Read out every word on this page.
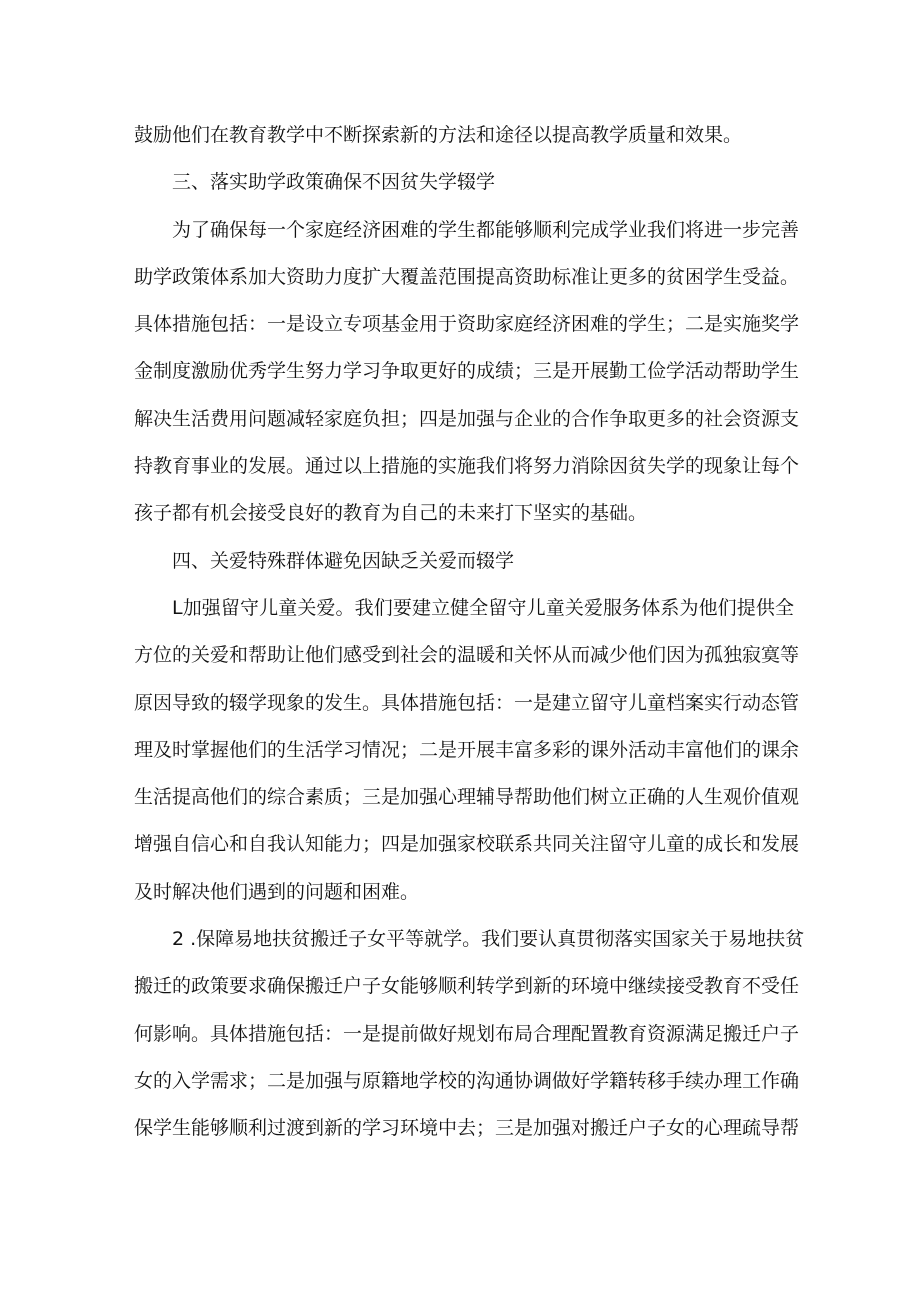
鼓励他们在教育教学中不断探索新的方法和途径以提高教学质量和效果。
三、落实助学政策确保不因贫失学辍学
为了确保每一个家庭经济困难的学生都能够顺利完成学业我们将进一步完善
助学政策体系加大资助力度扩大覆盖范围提高资助标准让更多的贫困学生受益。
具体措施包括：一是设立专项基金用于资助家庭经济困难的学生；二是实施奖学
金制度激励优秀学生努力学习争取更好的成绩；三是开展勤工俭学活动帮助学生
解决生活费用问题减轻家庭负担；四是加强与企业的合作争取更多的社会资源支
持教育事业的发展。通过以上措施的实施我们将努力消除因贫失学的现象让每个
孩子都有机会接受良好的教育为自己的未来打下坚实的基础。
四、关爱特殊群体避免因缺乏关爱而辍学
L加强留守儿童关爱。我们要建立健全留守儿童关爱服务体系为他们提供全
方位的关爱和帮助让他们感受到社会的温暖和关怀从而减少他们因为孤独寂寞等
原因导致的辍学现象的发生。具体措施包括：一是建立留守儿童档案实行动态管
理及时掌握他们的生活学习情况；二是开展丰富多彩的课外活动丰富他们的课余
生活提高他们的综合素质；三是加强心理辅导帮助他们树立正确的人生观价值观
增强自信心和自我认知能力；四是加强家校联系共同关注留守儿童的成长和发展
及时解决他们遇到的问题和困难。
2 .保障易地扶贫搬迁子女平等就学。我们要认真贯彻落实国家关于易地扶贫
搬迁的政策要求确保搬迁户子女能够顺利转学到新的环境中继续接受教育不受任
何影响。具体措施包括：一是提前做好规划布局合理配置教育资源满足搬迁户子
女的入学需求；二是加强与原籍地学校的沟通协调做好学籍转移手续办理工作确
保学生能够顺利过渡到新的学习环境中去；三是加强对搬迁户子女的心理疏导帮
